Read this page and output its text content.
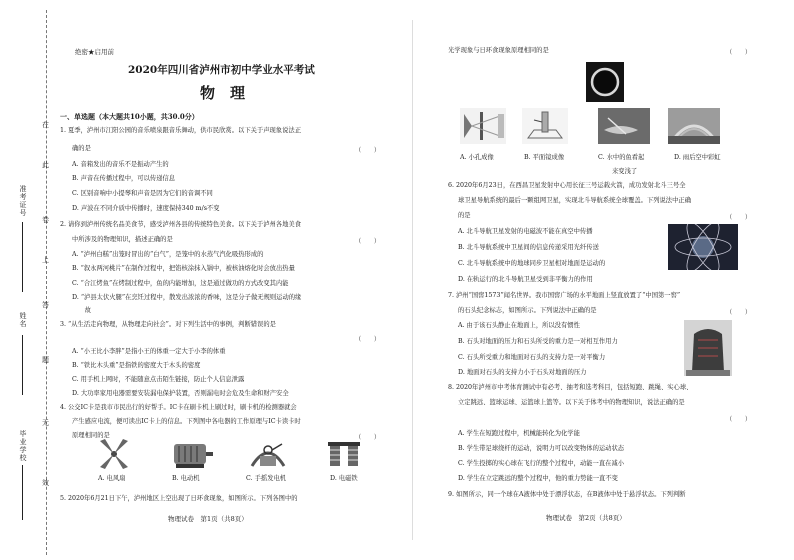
在
此
卷
上
答
题
无
效
准考证号
姓名
毕业学校
绝密★启用前
2020年四川省泸州市初中学业水平考试
物　理
一、单选题（本大题共10小题，共30.0分）
1. 夏季，泸州市江阳公园的音乐喷泉跟音乐舞动，供市民欣赏。以下关于声现象说法正
确的是	（　　）
A. 音箱发出的音乐不是振动产生的
B. 声音在传播过程中，可以传递信息
C. 区别音响中小提琴和声音是因为它们的音调不同
D. 声波在不同介质中传播时，速度保持340 m/s不变
2. 请你到泸州传统名品美食节，感受泸州各县的传统特色美食。以下关于泸州各地美食
中所涉及的物理知识，描述正确的是	（　　）
A. “泸州白糕”出笼时冒出的“白气”，是笼中的水蒸气汽化吸热形成的
B. “叙永两河桃片”在制作过程中，把馅核涂抹入锅中，被核油熔化时会放出热量
C. “合江烤鱼”在烤制过程中，鱼的内能增加，这是通过做功的方式改变其内能
D. “泸县太伏火腿”在烹饪过程中，散发出浓浓的香味，这是分子做无规则运动的缘
　　故
3. “从生活走向物理，从物理走向社会”。对下列生活中的事例，判断错误的是
（　　）
A. “小王比小李胖”是指小王的体重一定大于小李的体重
B. “铁比木头重”是指铁的密度大于木头的密度
C. 用手机上网时，不能随意点击陌生链接，防止个人信息泄露
D. 大功率家用电器需要安装漏电保护装置，否则漏电时会危及生命和财产安全
4. 公交IC卡是我市市民出行的好帮手。IC卡在刷卡机上刷过时，刷卡机的检测器就会
产生感应电流，便可读出IC卡上的信息。下列图中各电器的工作原理与IC卡读卡时
原理相同的是	（　　）
A. 电风扇	B. 电动机	C. 手摇发电机	D. 电磁铁
5. 2020年6月21日下午，泸州地区上空出现了日环食现象，如图所示。下列各图中的
物理试卷　第1页（共8页）
光学现象与日环食现象原理相同的是	（　　）
A. 小孔成像	B. 平面镜成像	C. 水中的鱼看起	D. 雨后空中彩虹
来变浅了
6. 2020年6月23日，在西昌卫星发射中心用长征三号运载火箭，成功发射北斗三号全
球卫星导航系统的最后一颗组网卫星，实现北斗导航系统全球覆盖。下列说法中正确
的是	（　　）
A. 北斗导航卫星发射的电磁波不能在真空中传播
B. 北斗导航系统中卫星间的信息传递采用光纤传送
C. 北斗导航系统中的地球同步卫星相对地面是运动的
D. 在轨运行的北斗导航卫星受到非平衡力的作用
7. 泸州“国窖1573”闻名世界。我市国窖广场的水平地面上竖直放置了“中国第一窖”
的石头纪念标志，如图所示。下列说法中正确的是	（　　）
A. 由于该石头静止在地面上，所以没有惯性
B. 石头对地面的压力和石头所受的重力是一对相互作用力
C. 石头所受重力和地面对石头的支持力是一对平衡力
D. 地面对石头的支持力小于石头对地面的压力
8. 2020年泸州市中考体育测试中有必考、抽考和选考科目，包括短跑、跳绳、实心球、
立定跳远、篮球运球、运篮球上篮等。以下关于体考中的物理知识，说法正确的是
（　　）
A. 学生在短跑过程中，机械能转化为化学能
B. 学生带足球绕杆的运动，说明力可以改变物体的运动状态
C. 学生投掷的实心球在飞行的整个过程中，动能一直在减小
D. 学生在立定跳远的整个过程中，他的重力势能一直不变
9. 如图所示，同一个球在A液体中处于漂浮状态，在B液体中处于悬浮状态。下列判断
物理试卷　第2页（共8页）
